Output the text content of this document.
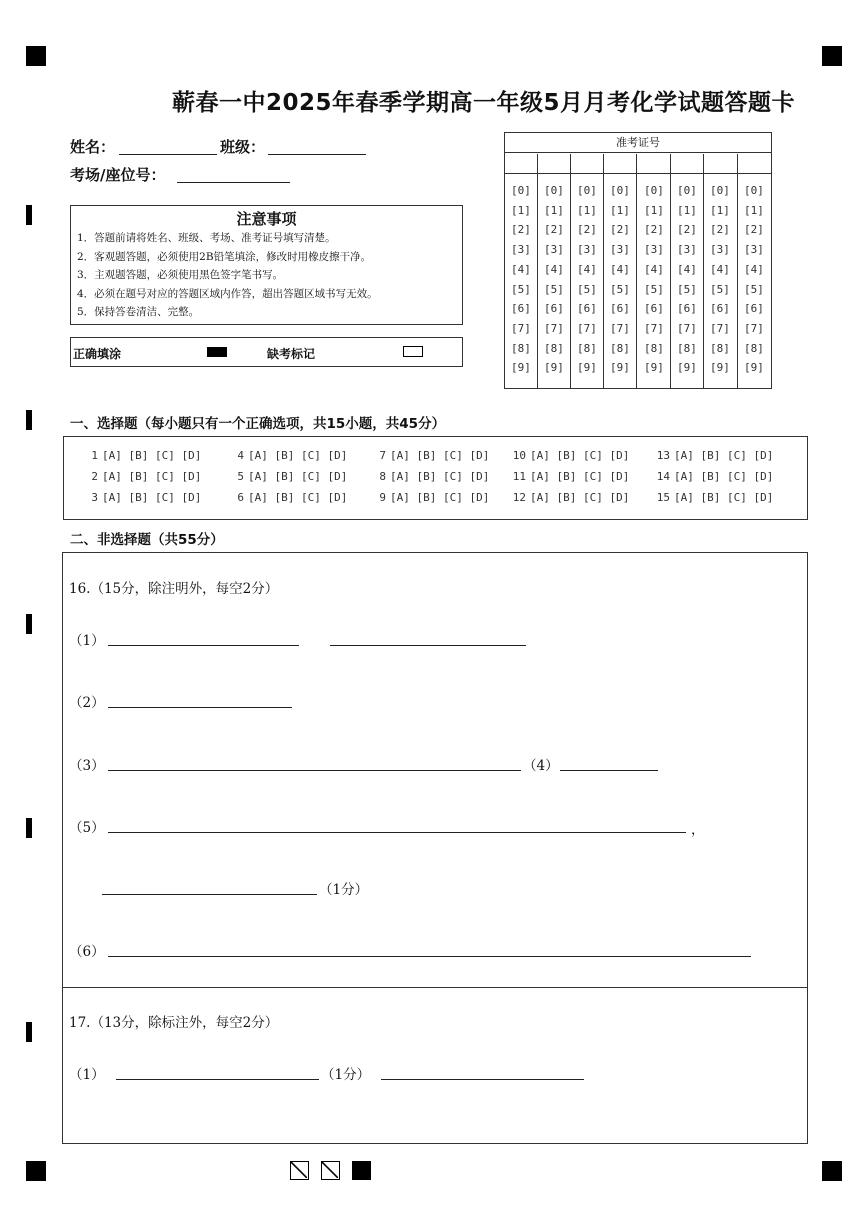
蕲春一中2025年春季学期高一年级5月月考化学试题答题卡
姓名：	班级：
考场/座位号：
注意事项
1．答题前请将姓名、班级、考场、准考证号填写清楚。
2．客观题答题，必须使用2B铅笔填涂，修改时用橡皮擦干净。
3．主观题答题，必须使用黑色签字笔书写。
4．必须在题号对应的答题区域内作答，超出答题区域书写无效。
5．保持答卷清洁、完整。
正确填涂	缺考标记
准考证号
[0] [0] [0] [0] [0] [0] [0] [0]
[1] [1] [1] [1] [1] [1] [1] [1]
[2] [2] [2] [2] [2] [2] [2] [2]
[3] [3] [3] [3] [3] [3] [3] [3]
[4] [4] [4] [4] [4] [4] [4] [4]
[5] [5] [5] [5] [5] [5] [5] [5]
[6] [6] [6] [6] [6] [6] [6] [6]
[7] [7] [7] [7] [7] [7] [7] [7]
[8] [8] [8] [8] [8] [8] [8] [8]
[9] [9] [9] [9] [9] [9] [9] [9]
一、选择题（每小题只有一个正确选项，共15小题，共45分）
1 [A] [B] [C] [D]
2 [A] [B] [C] [D]
3 [A] [B] [C] [D]
4 [A] [B] [C] [D]
5 [A] [B] [C] [D]
6 [A] [B] [C] [D]
7 [A] [B] [C] [D]
8 [A] [B] [C] [D]
9 [A] [B] [C] [D]
10 [A] [B] [C] [D]
11 [A] [B] [C] [D]
12 [A] [B] [C] [D]
13 [A] [B] [C] [D]
14 [A] [B] [C] [D]
15 [A] [B] [C] [D]
二、非选择题（共55分）
16.（15分，除注明外，每空2分）
（1）
（2）
（3）	（4）
（5）	，
（1分）
（6）
17.（13分，除标注外，每空2分）
（1）	（1分）
